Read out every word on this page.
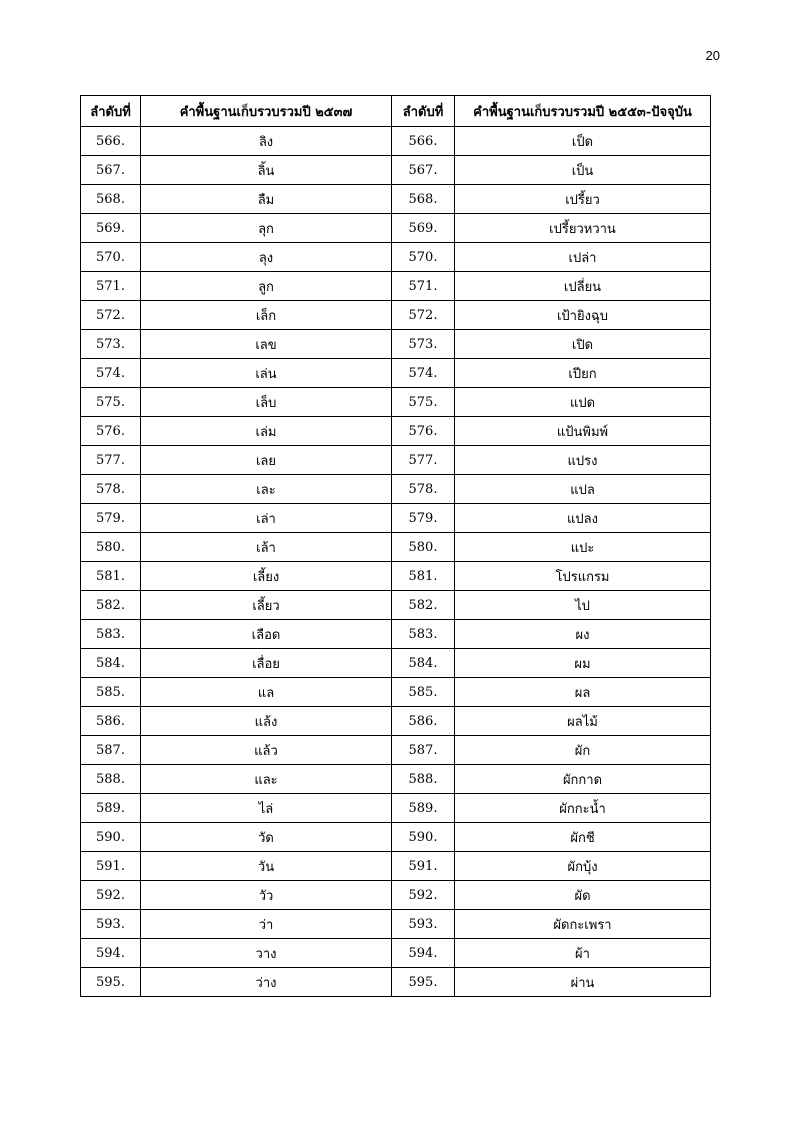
20
ลำดับที่	คำพื้นฐานเก็บรวบรวมปี ๒๕๓๗	ลำดับที่	คำพื้นฐานเก็บรวบรวมปี ๒๕๕๓-ปัจจุบัน
566.	ลิง	566.	เป็ด
567.	ลิ้น	567.	เป็น
568.	ลืม	568.	เปรี้ยว
569.	ลุก	569.	เปรี้ยวหวาน
570.	ลุง	570.	เปล่า
571.	ลูก	571.	เปลี่ยน
572.	เล็ก	572.	เป้ายิงฉุบ
573.	เลข	573.	เปิด
574.	เล่น	574.	เปียก
575.	เล็บ	575.	แปด
576.	เล่ม	576.	แป้นพิมพ์
577.	เลย	577.	แปรง
578.	เละ	578.	แปล
579.	เล่า	579.	แปลง
580.	เล้า	580.	แปะ
581.	เลี้ยง	581.	โปรแกรม
582.	เลี้ยว	582.	ไป
583.	เลือด	583.	ผง
584.	เลื่อย	584.	ผม
585.	แล	585.	ผล
586.	แล้ง	586.	ผลไม้
587.	แล้ว	587.	ผัก
588.	และ	588.	ผักกาด
589.	ไล่	589.	ผักกะน้ำ
590.	วัด	590.	ผักชี
591.	วัน	591.	ผักบุ้ง
592.	วัว	592.	ผัด
593.	ว่า	593.	ผัดกะเพรา
594.	วาง	594.	ผ้า
595.	ว่าง	595.	ผ่าน
